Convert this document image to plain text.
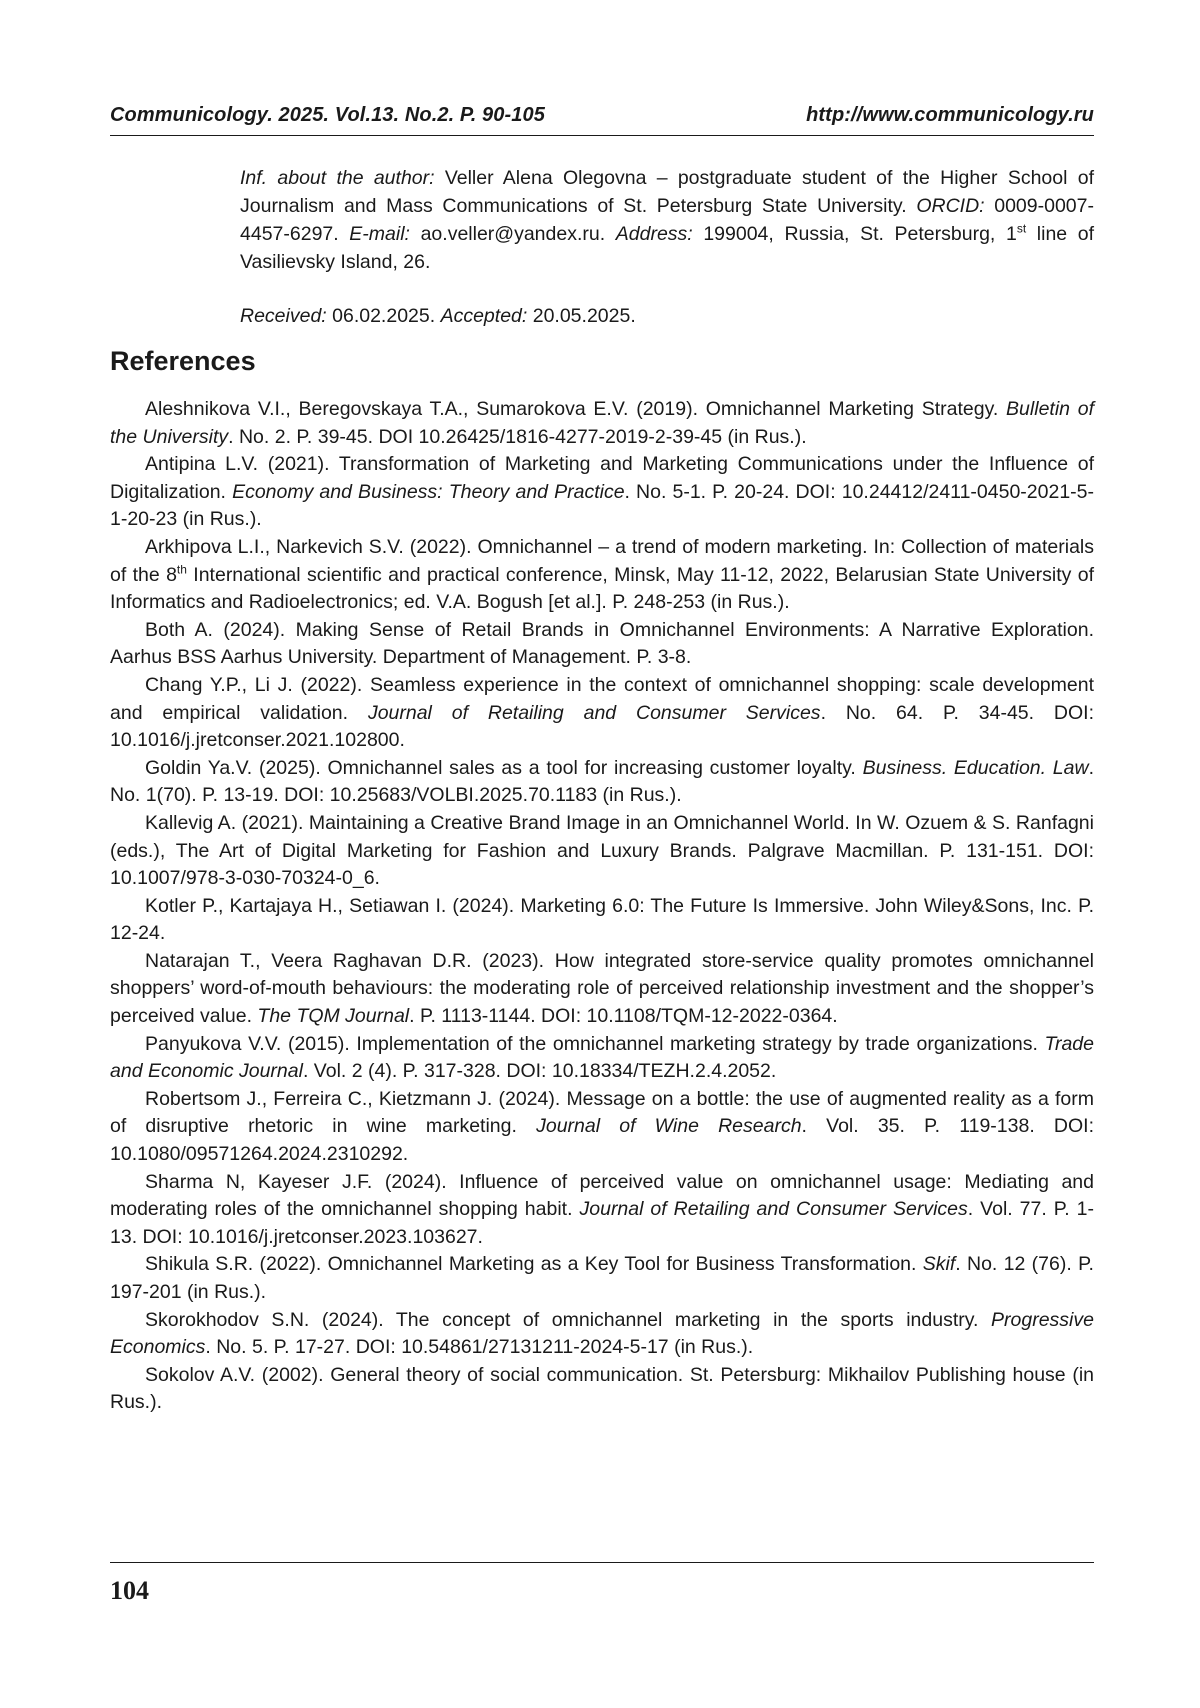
Communicology. 2025. Vol.13. No.2. P. 90-105	http://www.communicology.ru

Inf. about the author: Veller Alena Olegovna – postgraduate student of the Higher School of Journalism and Mass Communications of St. Petersburg State University. ORCID: 0009-0007-4457-6297. E-mail: ao.veller@yandex.ru. Address: 199004, Russia, St. Petersburg, 1st line of Vasilievsky Island, 26.

Received: 06.02.2025. Accepted: 20.05.2025.
References

Aleshnikova V.I., Beregovskaya T.A., Sumarokova E.V. (2019). Omnichannel Marketing Strategy. Bulletin of the University. No. 2. P. 39-45. DOI 10.26425/1816-4277-2019-2-39-45 (in Rus.).

Antipina L.V. (2021). Transformation of Marketing and Marketing Communications under the Influence of Digitalization. Economy and Business: Theory and Practice. No. 5-1. P. 20-24. DOI: 10.24412/2411-0450-2021-5-1-20-23 (in Rus.).

Arkhipova L.I., Narkevich S.V. (2022). Omnichannel – a trend of modern marketing. In: Collection of materials of the 8th International scientific and practical conference, Minsk, May 11-12, 2022, Belarusian State University of Informatics and Radioelectronics; ed. V.A. Bogush [et al.]. P. 248-253 (in Rus.).

Both A. (2024). Making Sense of Retail Brands in Omnichannel Environments: A Narrative Exploration. Aarhus BSS Aarhus University. Department of Management. P. 3-8.

Chang Y.P., Li J. (2022). Seamless experience in the context of omnichannel shopping: scale development and empirical validation. Journal of Retailing and Consumer Services. No. 64. P. 34-45. DOI: 10.1016/j.jretconser.2021.102800.

Goldin Ya.V. (2025). Omnichannel sales as a tool for increasing customer loyalty. Business. Education. Law. No. 1(70). P. 13-19. DOI: 10.25683/VOLBI.2025.70.1183 (in Rus.).

Kallevig A. (2021). Maintaining a Creative Brand Image in an Omnichannel World. In W. Ozuem & S. Ranfagni (eds.), The Art of Digital Marketing for Fashion and Luxury Brands. Palgrave Macmillan. P. 131-151. DOI: 10.1007/978-3-030-70324-0_6.

Kotler P., Kartajaya H., Setiawan I. (2024). Marketing 6.0: The Future Is Immersive. John Wiley&Sons, Inc. P. 12-24.

Natarajan T., Veera Raghavan D.R. (2023). How integrated store-service quality promotes omnichannel shoppers’ word-of-mouth behaviours: the moderating role of perceived relationship investment and the shopper’s perceived value. The TQM Journal. P. 1113-1144. DOI: 10.1108/TQM-12-2022-0364.

Panyukova V.V. (2015). Implementation of the omnichannel marketing strategy by trade organizations. Trade and Economic Journal. Vol. 2 (4). P. 317-328. DOI: 10.18334/TEZH.2.4.2052.

Robertsom J., Ferreira C., Kietzmann J. (2024). Message on a bottle: the use of augmented reality as a form of disruptive rhetoric in wine marketing. Journal of Wine Research. Vol. 35. P. 119-138. DOI: 10.1080/09571264.2024.2310292.

Sharma N, Kayeser J.F. (2024). Influence of perceived value on omnichannel usage: Mediating and moderating roles of the omnichannel shopping habit. Journal of Retailing and Consumer Services. Vol. 77. P. 1-13. DOI: 10.1016/j.jretconser.2023.103627.

Shikula S.R. (2022). Omnichannel Marketing as a Key Tool for Business Transformation. Skif. No. 12 (76). P. 197-201 (in Rus.).

Skorokhodov S.N. (2024). The concept of omnichannel marketing in the sports industry. Progressive Economics. No. 5. P. 17-27. DOI: 10.54861/27131211-2024-5-17 (in Rus.).

Sokolov A.V. (2002). General theory of social communication. St. Petersburg: Mikhailov Publishing house (in Rus.).

104
